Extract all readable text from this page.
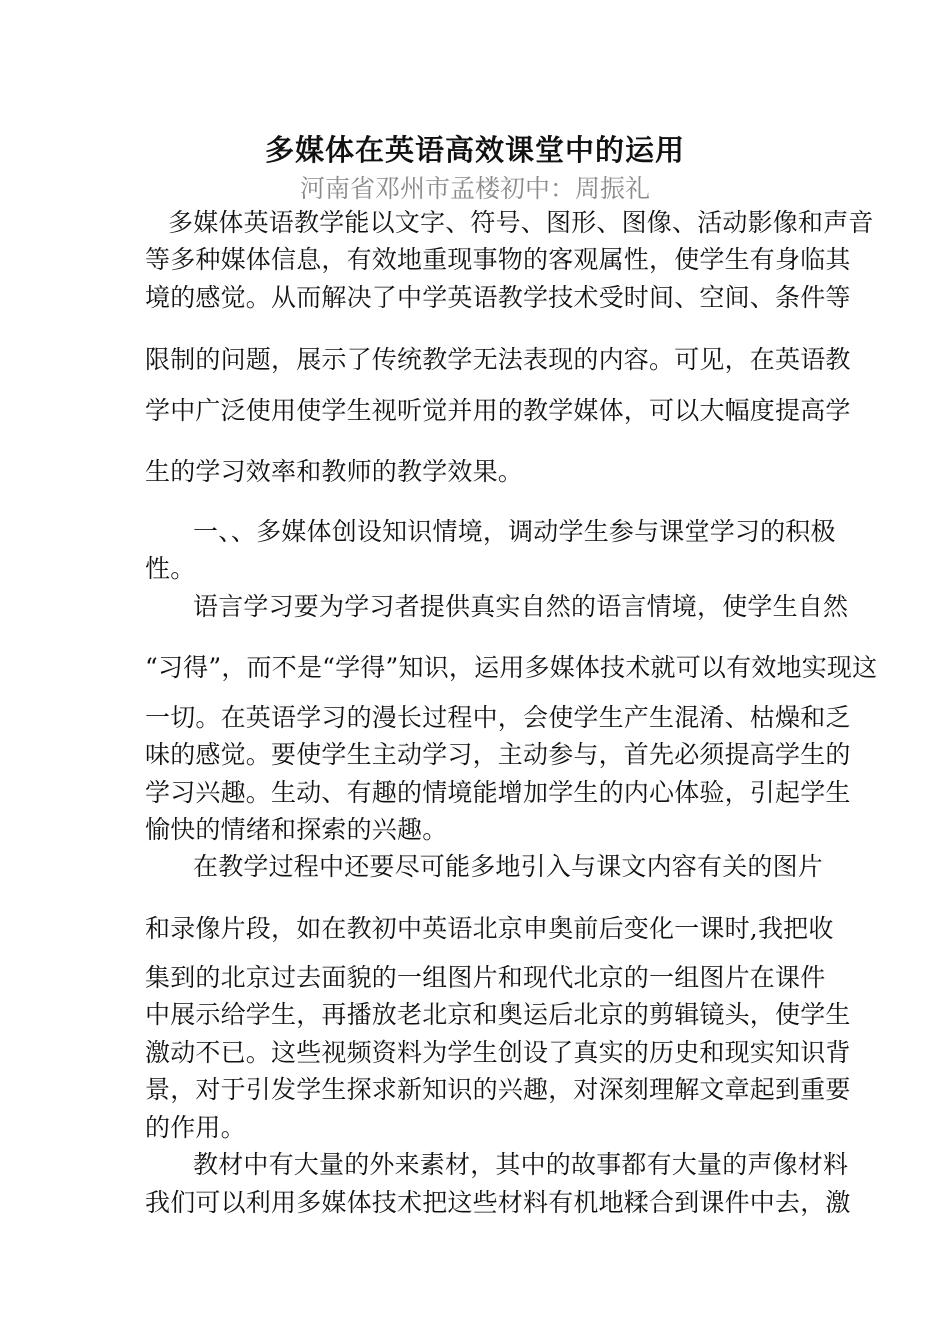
多媒体在英语高效课堂中的运用
河南省邓州市孟楼初中：周振礼
多媒体英语教学能以文字、符号、图形、图像、活动影像和声音
等多种媒体信息，有效地重现事物的客观属性，使学生有身临其
境的感觉。从而解决了中学英语教学技术受时间、空间、条件等
限制的问题，展示了传统教学无法表现的内容。可见，在英语教
学中广泛使用使学生视听觉并用的教学媒体，可以大幅度提高学
生的学习效率和教师的教学效果。
一、、多媒体创设知识情境，调动学生参与课堂学习的积极
性。
语言学习要为学习者提供真实自然的语言情境，使学生自然
“习得”，而不是“学得”知识，运用多媒体技术就可以有效地实现这
一切。在英语学习的漫长过程中，会使学生产生混淆、枯燥和乏
味的感觉。要使学生主动学习，主动参与，首先必须提高学生的
学习兴趣。生动、有趣的情境能增加学生的内心体验，引起学生
愉快的情绪和探索的兴趣。
在教学过程中还要尽可能多地引入与课文内容有关的图片
和录像片段，如在教初中英语北京申奥前后变化一课时,我把收
集到的北京过去面貌的一组图片和现代北京的一组图片在课件
中展示给学生，再播放老北京和奥运后北京的剪辑镜头，使学生
激动不已。这些视频资料为学生创设了真实的历史和现实知识背
景，对于引发学生探求新知识的兴趣，对深刻理解文章起到重要
的作用。
教材中有大量的外来素材，其中的故事都有大量的声像材料
我们可以利用多媒体技术把这些材料有机地糅合到课件中去，激
